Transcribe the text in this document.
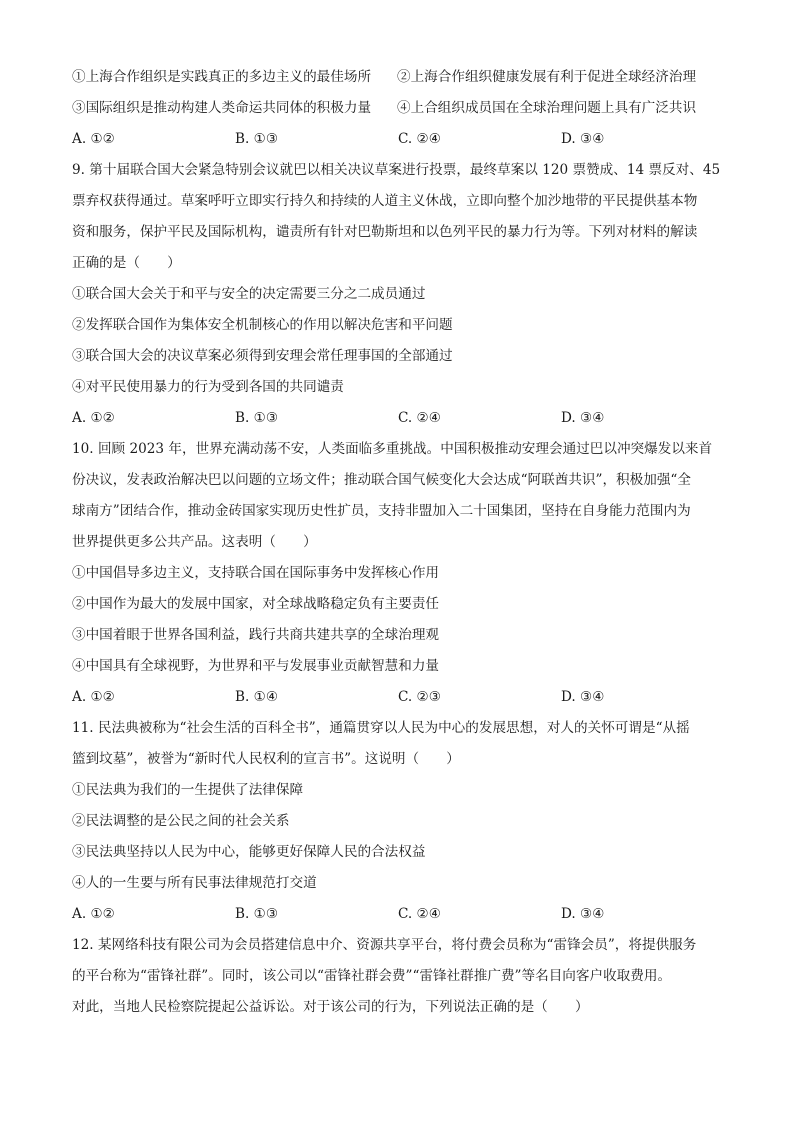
①上海合作组织是实践真正的多边主义的最佳场所	②上海合作组织健康发展有利于促进全球经济治理
③国际组织是推动构建人类命运共同体的积极力量	④上合组织成员国在全球治理问题上具有广泛共识
A. ①②	B. ①③	C. ②④	D. ③④
9. 第十届联合国大会紧急特别会议就巴以相关决议草案进行投票，最终草案以 120 票赞成、14 票反对、45
票弃权获得通过。草案呼吁立即实行持久和持续的人道主义休战，立即向整个加沙地带的平民提供基本物
资和服务，保护平民及国际机构，谴责所有针对巴勒斯坦和以色列平民的暴力行为等。下列对材料的解读
正确的是（　　）
①联合国大会关于和平与安全的决定需要三分之二成员通过
②发挥联合国作为集体安全机制核心的作用以解决危害和平问题
③联合国大会的决议草案必须得到安理会常任理事国的全部通过
④对平民使用暴力的行为受到各国的共同谴责
A. ①②	B. ①③	C. ②④	D. ③④
10. 回顾 2023 年，世界充满动荡不安，人类面临多重挑战。中国积极推动安理会通过巴以冲突爆发以来首
份决议，发表政治解决巴以问题的立场文件；推动联合国气候变化大会达成“阿联酋共识”，积极加强“全
球南方”团结合作，推动金砖国家实现历史性扩员，支持非盟加入二十国集团，坚持在自身能力范围内为
世界提供更多公共产品。这表明（　　）
①中国倡导多边主义，支持联合国在国际事务中发挥核心作用
②中国作为最大的发展中国家，对全球战略稳定负有主要责任
③中国着眼于世界各国利益，践行共商共建共享的全球治理观
④中国具有全球视野，为世界和平与发展事业贡献智慧和力量
A. ①②	B. ①④	C. ②③	D. ③④
11. 民法典被称为“社会生活的百科全书”，通篇贯穿以人民为中心的发展思想，对人的关怀可谓是“从摇
篮到坟墓”，被誉为“新时代人民权利的宣言书”。这说明（　　）
①民法典为我们的一生提供了法律保障
②民法调整的是公民之间的社会关系
③民法典坚持以人民为中心，能够更好保障人民的合法权益
④人的一生要与所有民事法律规范打交道
A. ①②	B. ①③	C. ②④	D. ③④
12. 某网络科技有限公司为会员搭建信息中介、资源共享平台，将付费会员称为“雷锋会员”，将提供服务
的平台称为“雷锋社群”。同时，该公司以“雷锋社群会费”“雷锋社群推广费”等名目向客户收取费用。
对此，当地人民检察院提起公益诉讼。对于该公司的行为，下列说法正确的是（　　）
